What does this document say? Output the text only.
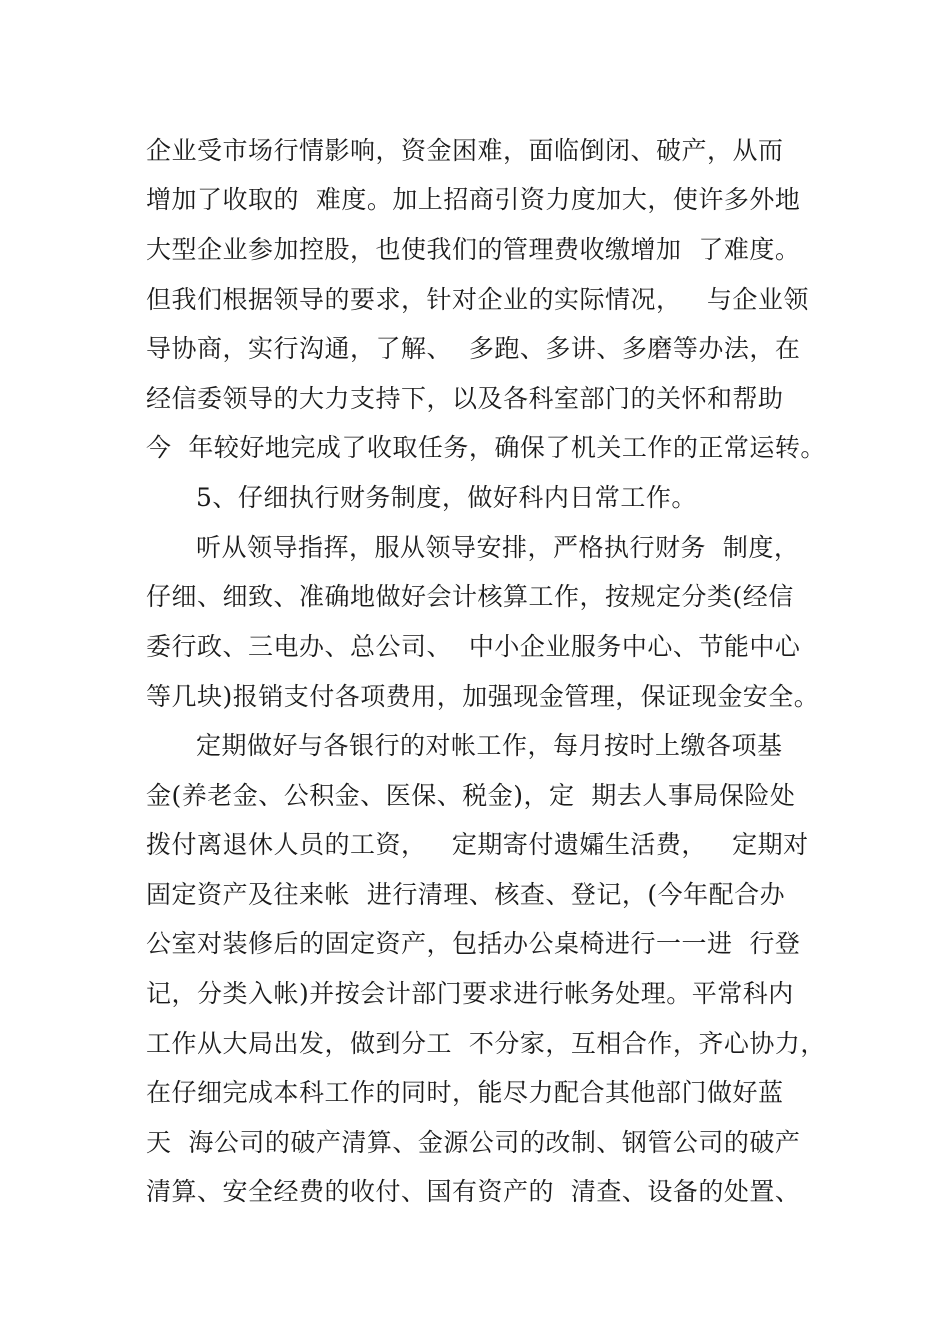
企业受市场行情影响，资金困难，面临倒闭、破产，从而
增加了收取的  难度。加上招商引资力度加大，使许多外地
大型企业参加控股，也使我们的管理费收缴增加  了难度。
但我们根据领导的要求，针对企业的实际情况，   与企业领
导协商，实行沟通，了解、  多跑、多讲、多磨等办法，在
经信委领导的大力支持下，以及各科室部门的关怀和帮助
今  年较好地完成了收取任务，确保了机关工作的正常运转。
5、仔细执行财务制度，做好科内日常工作。
听从领导指挥，服从领导安排，严格执行财务  制度，
仔细、细致、准确地做好会计核算工作，按规定分类(经信
委行政、三电办、总公司、  中小企业服务中心、节能中心
等几块)报销支付各项费用，加强现金管理，保证现金安全。
定期做好与各银行的对帐工作，每月按时上缴各项基
金(养老金、公积金、医保、税金)，定  期去人事局保险处
拨付离退休人员的工资，   定期寄付遗孀生活费，   定期对
固定资产及往来帐  进行清理、核查、登记，(今年配合办
公室对装修后的固定资产，包括办公桌椅进行一一进  行登
记，分类入帐)并按会计部门要求进行帐务处理。平常科内
工作从大局出发，做到分工  不分家，互相合作，齐心协力，
在仔细完成本科工作的同时，能尽力配合其他部门做好蓝
天  海公司的破产清算、金源公司的改制、钢管公司的破产
清算、安全经费的收付、国有资产的  清查、设备的处置、
